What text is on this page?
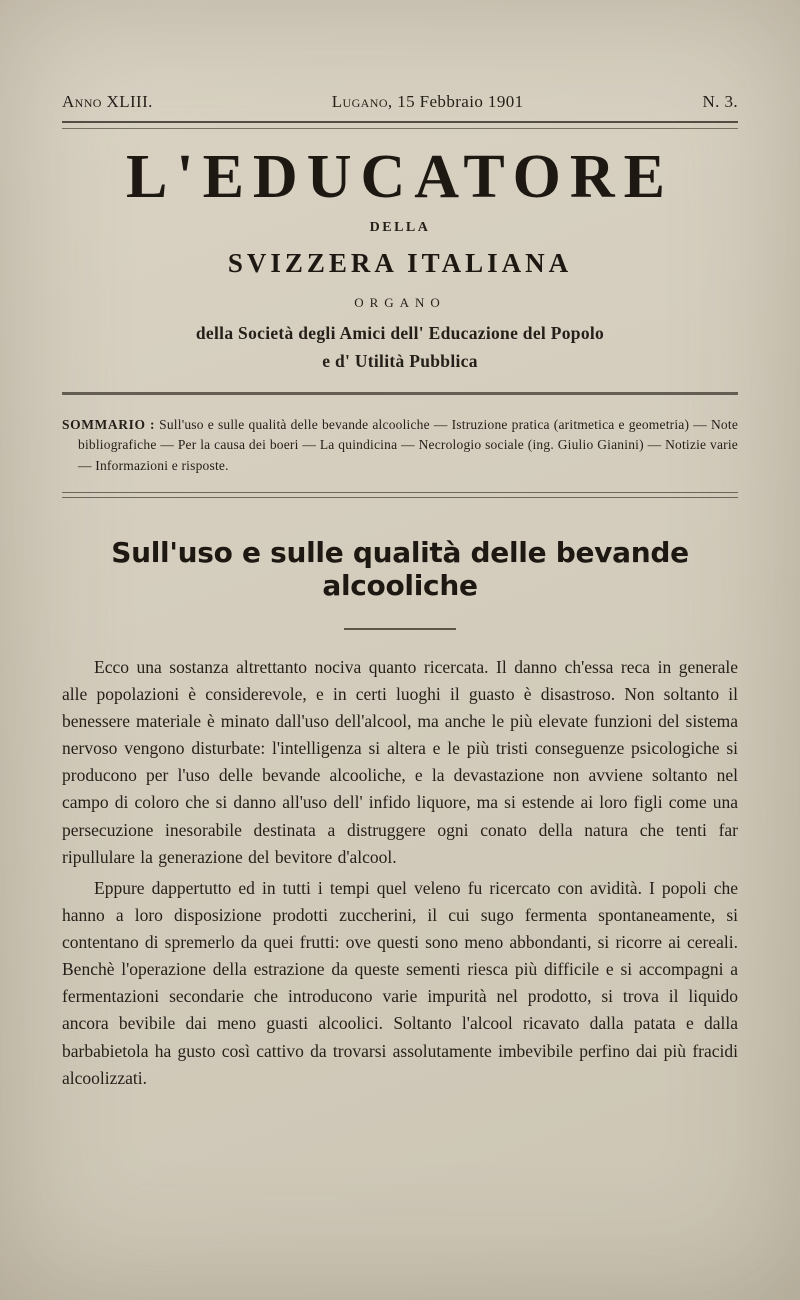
Anno XLIII.	Lugano, 15 Febbraio 1901	N. 3.
L'EDUCATORE
DELLA
SVIZZERA ITALIANA
ORGANO
della Società degli Amici dell' Educazione del Popolo
e d' Utilità Pubblica

SOMMARIO : Sull'uso e sulle qualità delle bevande alcooliche — Istruzione pratica (aritmetica e geometria) — Note bibliografiche — Per la causa dei boeri — La quindicina — Necrologio sociale (ing. Giulio Gianini) — Notizie varie — Informazioni e risposte.

Sull'uso e sulle qualità delle bevande alcooliche

Ecco una sostanza altrettanto nociva quanto ricercata. Il danno ch'essa reca in generale alle popolazioni è considerevole, e in certi luoghi il guasto è disastroso. Non soltanto il benessere materiale è minato dall'uso dell'alcool, ma anche le più elevate funzioni del sistema nervoso vengono disturbate: l'intelligenza si altera e le più tristi conseguenze psicologiche si producono per l'uso delle bevande alcooliche, e la devastazione non avviene soltanto nel campo di coloro che si danno all'uso dell' infido liquore, ma si estende ai loro figli come una persecuzione inesorabile destinata a distruggere ogni conato della natura che tenti far ripullulare la generazione del bevitore d'alcool.

Eppure dappertutto ed in tutti i tempi quel veleno fu ricercato con avidità. I popoli che hanno a loro disposizione prodotti zuccherini, il cui sugo fermenta spontaneamente, si contentano di spremerlo da quei frutti: ove questi sono meno abbondanti, si ricorre ai cereali. Benchè l'operazione della estrazione da queste sementi riesca più difficile e si accompagni a fermentazioni secondarie che introducono varie impurità nel prodotto, si trova il liquido ancora bevibile dai meno guasti alcoolici. Soltanto l'alcool ricavato dalla patata e dalla barbabietola ha gusto così cattivo da trovarsi assolutamente imbevibile perfino dai più fracidi alcoolizzati.
